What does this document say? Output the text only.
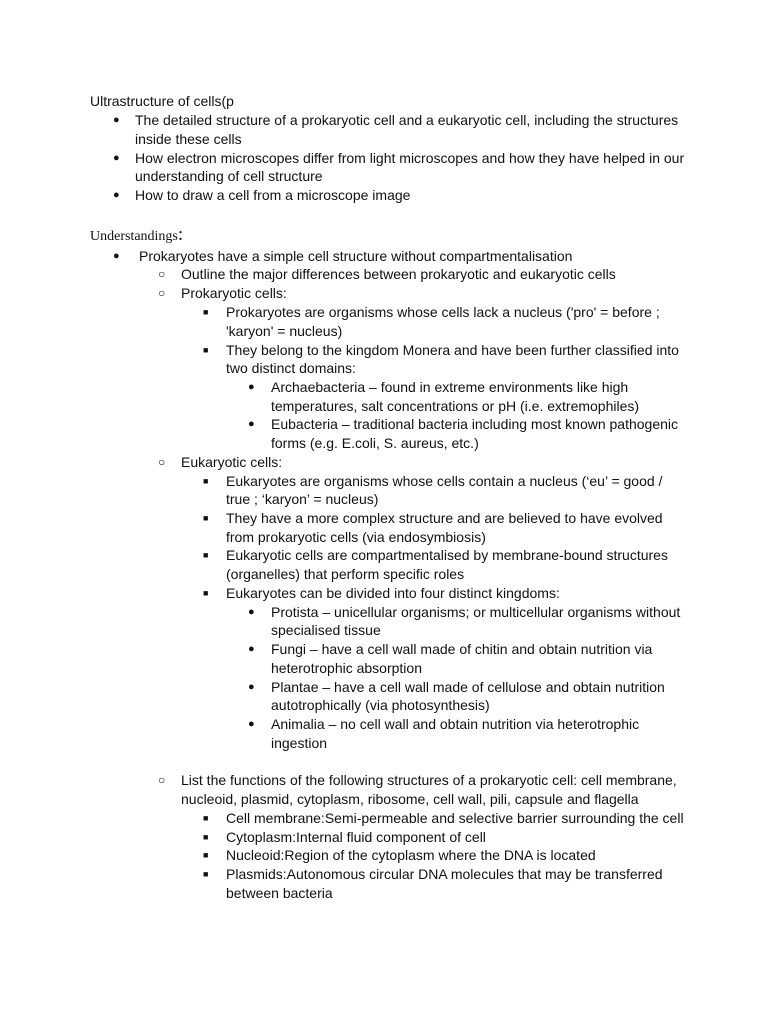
Ultrastructure of cells(p
● The detailed structure of a prokaryotic cell and a eukaryotic cell, including the structures
inside these cells
● How electron microscopes differ from light microscopes and how they have helped in our
understanding of cell structure
● How to draw a cell from a microscope image
Understandings:
● Prokaryotes have a simple cell structure without compartmentalisation
○ Outline the major differences between prokaryotic and eukaryotic cells
○ Prokaryotic cells:
■ Prokaryotes are organisms whose cells lack a nucleus ('pro' = before ;
'karyon' = nucleus)
■ They belong to the kingdom Monera and have been further classified into
two distinct domains:
● Archaebacteria – found in extreme environments like high
temperatures, salt concentrations or pH (i.e. extremophiles)
● Eubacteria – traditional bacteria including most known pathogenic
forms (e.g. E.coli, S. aureus, etc.)
○ Eukaryotic cells:
■ Eukaryotes are organisms whose cells contain a nucleus (‘eu’ = good /
true ; ‘karyon’ = nucleus)
■ They have a more complex structure and are believed to have evolved
from prokaryotic cells (via endosymbiosis)
■ Eukaryotic cells are compartmentalised by membrane-bound structures
(organelles) that perform specific roles
■ Eukaryotes can be divided into four distinct kingdoms:
● Protista – unicellular organisms; or multicellular organisms without
specialised tissue
● Fungi – have a cell wall made of chitin and obtain nutrition via
heterotrophic absorption
● Plantae – have a cell wall made of cellulose and obtain nutrition
autotrophically (via photosynthesis)
● Animalia – no cell wall and obtain nutrition via heterotrophic
ingestion
○ List the functions of the following structures of a prokaryotic cell: cell membrane,
nucleoid, plasmid, cytoplasm, ribosome, cell wall, pili, capsule and flagella
■ Cell membrane:Semi-permeable and selective barrier surrounding the cell
■ Cytoplasm:Internal fluid component of cell
■ Nucleoid:Region of the cytoplasm where the DNA is located
■ Plasmids:Autonomous circular DNA molecules that may be transferred
between bacteria
